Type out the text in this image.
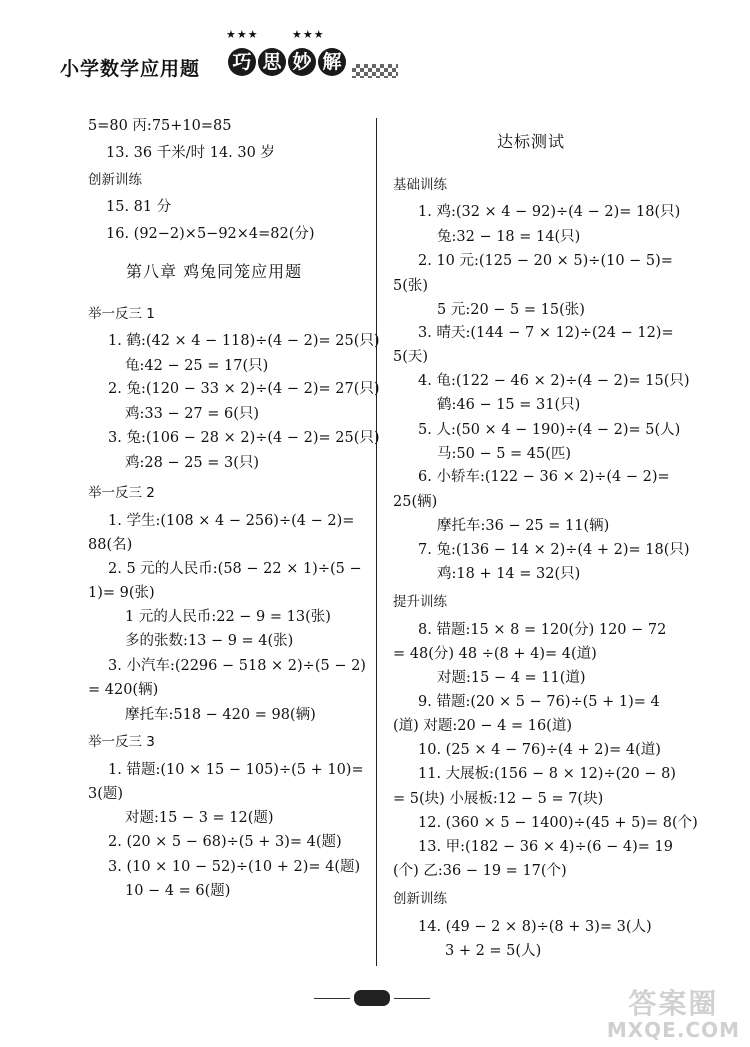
★★★	★★★
小学数学应用题 巧 思 妙 解
5=80 丙:75+10=85
13. 36 千米/时 14. 30 岁
创新训练
15. 81 分
16. (92−2)×5−92×4=82(分)
第八章 鸡兔同笼应用题
举一反三 1
1. 鹤:(42 × 4 − 118)÷(4 − 2)= 25(只)
龟:42 − 25 = 17(只)
2. 兔:(120 − 33 × 2)÷(4 − 2)= 27(只)
鸡:33 − 27 = 6(只)
3. 兔:(106 − 28 × 2)÷(4 − 2)= 25(只)
鸡:28 − 25 = 3(只)
举一反三 2
1. 学生:(108 × 4 − 256)÷(4 − 2)=
88(名)
2. 5 元的人民币:(58 − 22 × 1)÷(5 −
1)= 9(张)
1 元的人民币:22 − 9 = 13(张)
多的张数:13 − 9 = 4(张)
3. 小汽车:(2296 − 518 × 2)÷(5 − 2)
= 420(辆)
摩托车:518 − 420 = 98(辆)
举一反三 3
1. 错题:(10 × 15 − 105)÷(5 + 10)=
3(题)
对题:15 − 3 = 12(题)
2. (20 × 5 − 68)÷(5 + 3)= 4(题)
3. (10 × 10 − 52)÷(10 + 2)= 4(题)
10 − 4 = 6(题)
达标测试
基础训练
1. 鸡:(32 × 4 − 92)÷(4 − 2)= 18(只)
兔:32 − 18 = 14(只)
2. 10 元:(125 − 20 × 5)÷(10 − 5)=
5(张)
5 元:20 − 5 = 15(张)
3. 晴天:(144 − 7 × 12)÷(24 − 12)=
5(天)
4. 龟:(122 − 46 × 2)÷(4 − 2)= 15(只)
鹤:46 − 15 = 31(只)
5. 人:(50 × 4 − 190)÷(4 − 2)= 5(人)
马:50 − 5 = 45(匹)
6. 小轿车:(122 − 36 × 2)÷(4 − 2)=
25(辆)
摩托车:36 − 25 = 11(辆)
7. 兔:(136 − 14 × 2)÷(4 + 2)= 18(只)
鸡:18 + 14 = 32(只)
提升训练
8. 错题:15 × 8 = 120(分) 120 − 72
= 48(分) 48 ÷(8 + 4)= 4(道)
对题:15 − 4 = 11(道)
9. 错题:(20 × 5 − 76)÷(5 + 1)= 4
(道) 对题:20 − 4 = 16(道)
10. (25 × 4 − 76)÷(4 + 2)= 4(道)
11. 大展板:(156 − 8 × 12)÷(20 − 8)
= 5(块) 小展板:12 − 5 = 7(块)
12. (360 × 5 − 1400)÷(45 + 5)= 8(个)
13. 甲:(182 − 36 × 4)÷(6 − 4)= 19
(个) 乙:36 − 19 = 17(个)
创新训练
14. (49 − 2 × 8)÷(8 + 3)= 3(人)
3 + 2 = 5(人)
答案圈
MXQE.COM
